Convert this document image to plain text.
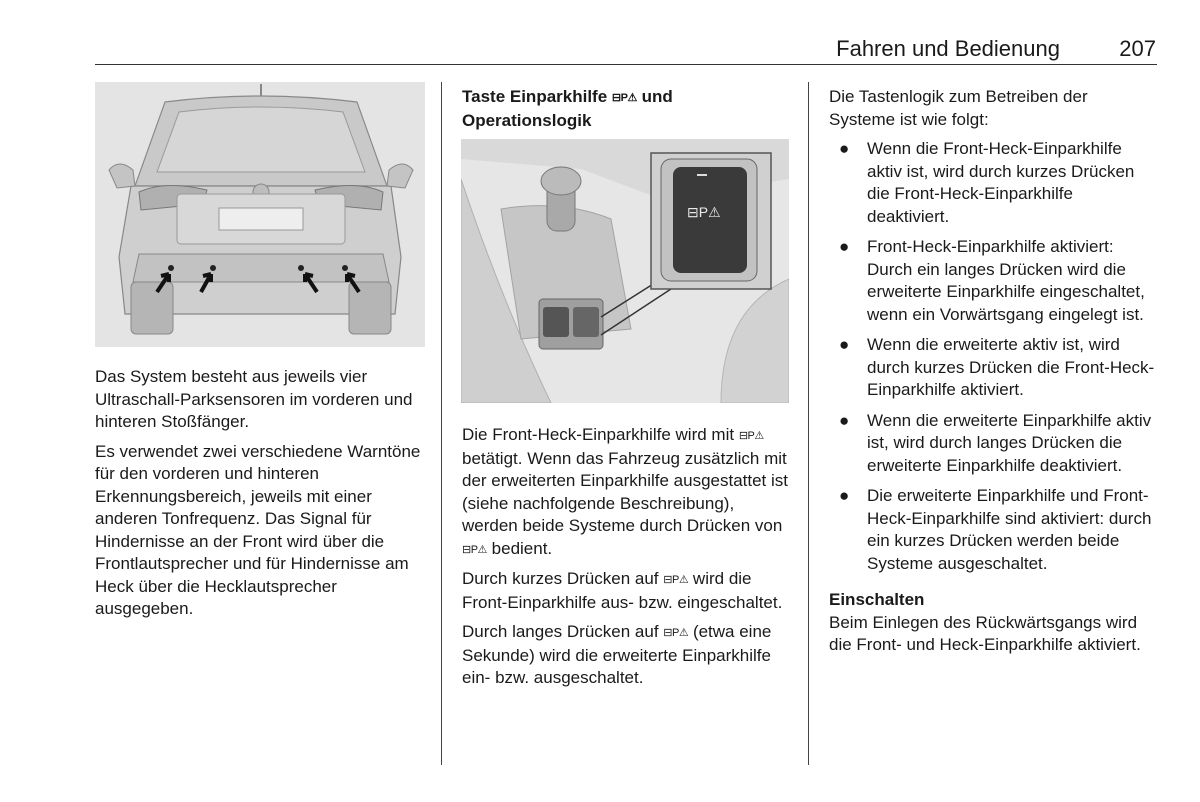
Fahren und Bedienung	207

Das System besteht aus jeweils vier Ultraschall-Parksensoren im vorderen und hinteren Stoßfänger.

Es verwendet zwei verschiedene Warntöne für den vorderen und hinteren Erkennungsbereich, jeweils mit einer anderen Tonfrequenz. Das Signal für Hindernisse an der Front wird über die Frontlautsprecher und für Hindernisse am Heck über die Hecklautsprecher ausgegeben.

Taste Einparkhilfe ⊟P⚠ und Operationslogik
⊟P⚠

Die Front-Heck-Einparkhilfe wird mit ⊟P⚠ betätigt. Wenn das Fahrzeug zusätzlich mit der erweiterten Einparkhilfe ausgestattet ist (siehe nachfolgende Beschreibung), werden beide Systeme durch Drücken von ⊟P⚠ bedient.

Durch kurzes Drücken auf ⊟P⚠ wird die Front-Einparkhilfe aus- bzw. eingeschaltet.

Durch langes Drücken auf ⊟P⚠ (etwa eine Sekunde) wird die erweiterte Einparkhilfe ein- bzw. ausgeschaltet.

Die Tastenlogik zum Betreiben der Systeme ist wie folgt:

● Wenn die Front-Heck-Einparkhilfe aktiv ist, wird durch kurzes Drücken die Front-Heck-Einparkhilfe deaktiviert.
● Front-Heck-Einparkhilfe aktiviert: Durch ein langes Drücken wird die erweiterte Einparkhilfe eingeschaltet, wenn ein Vorwärtsgang eingelegt ist.
● Wenn die erweiterte aktiv ist, wird durch kurzes Drücken die Front-Heck-Einparkhilfe aktiviert.
● Wenn die erweiterte Einparkhilfe aktiv ist, wird durch langes Drücken die erweiterte Einparkhilfe deaktiviert.
● Die erweiterte Einparkhilfe und Front-Heck-Einparkhilfe sind aktiviert: durch ein kurzes Drücken werden beide Systeme ausgeschaltet.
Einschalten

Beim Einlegen des Rückwärtsgangs wird die Front- und Heck-Einparkhilfe aktiviert.
